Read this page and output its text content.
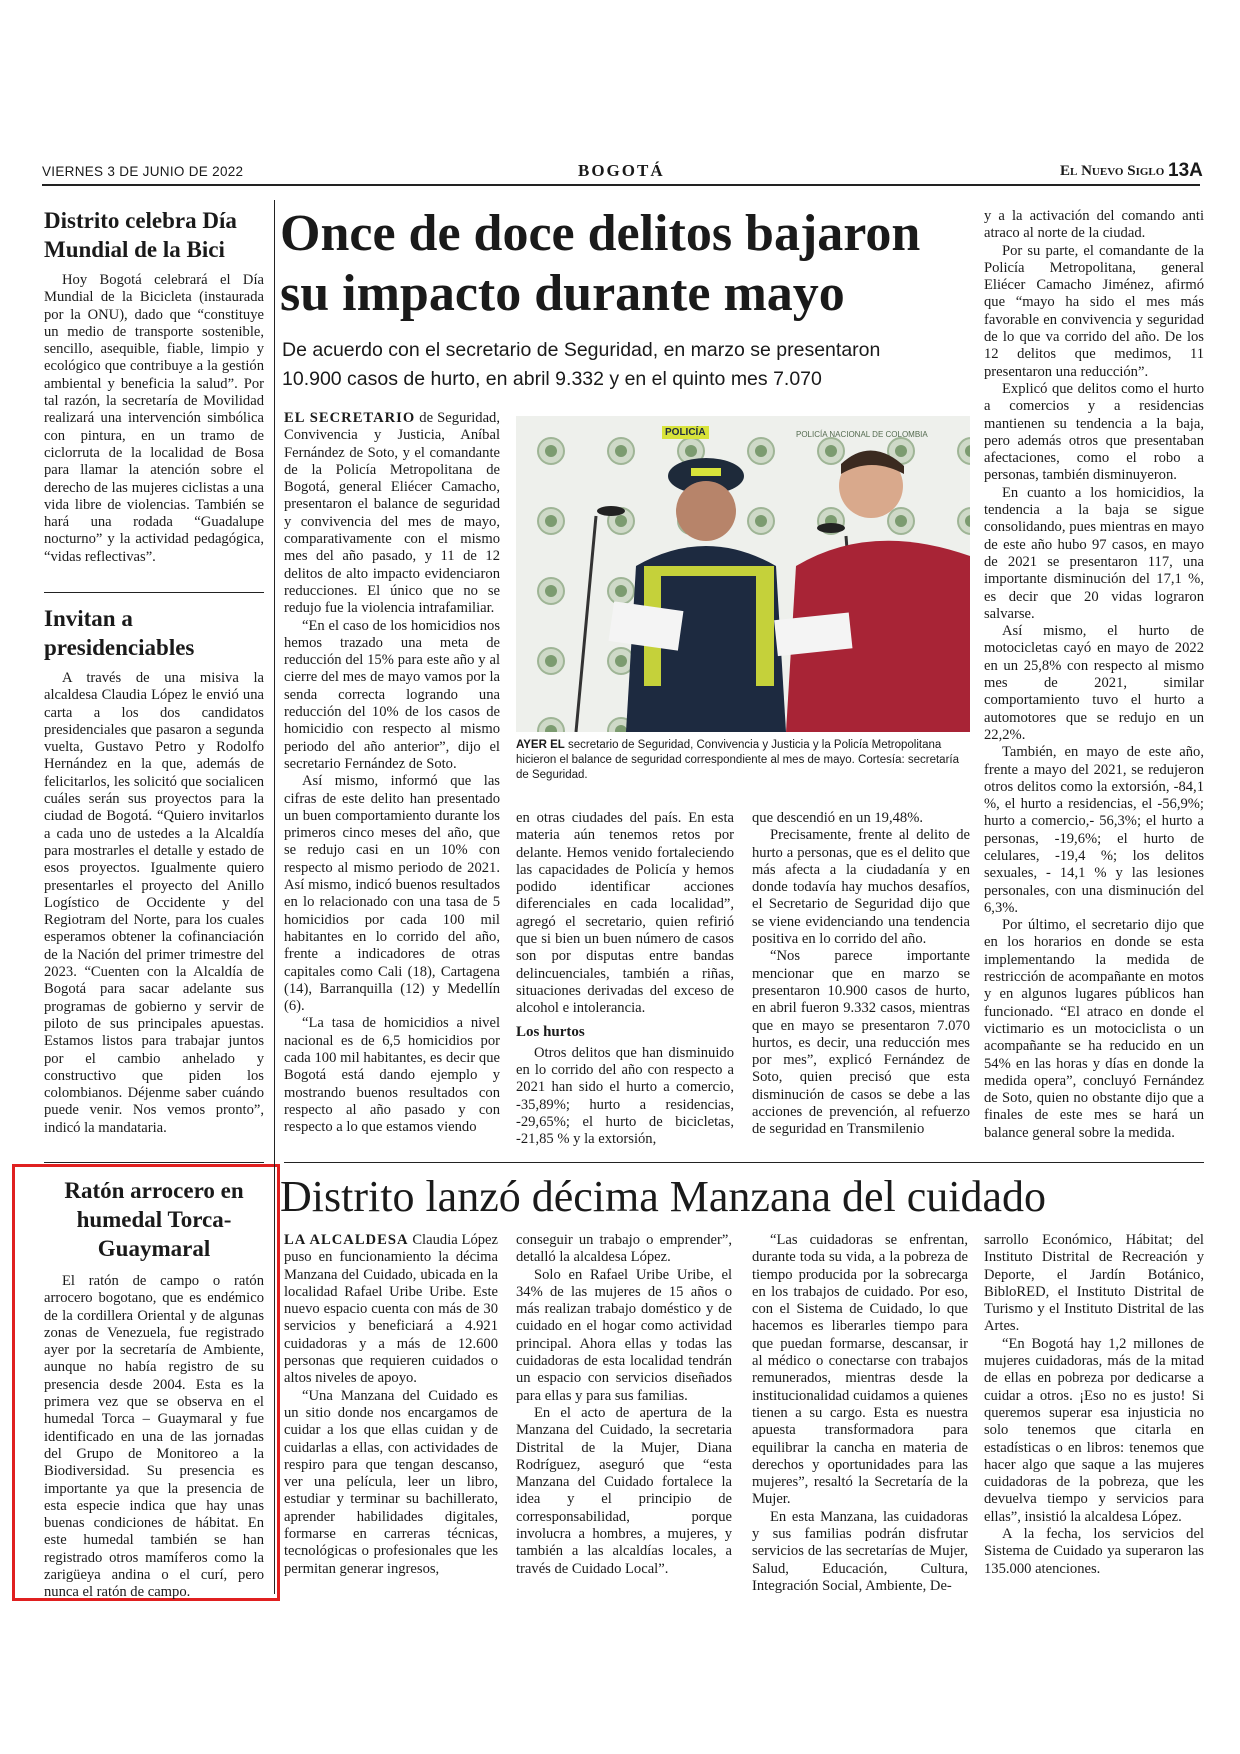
VIERNES 3 DE JUNIO DE 2022	BOGOTÁ	El Nuevo Siglo 13A
Distrito celebra Día Mundial de la Bici

Hoy Bogotá celebrará el Día Mundial de la Bicicleta (instaurada por la ONU), dado que “constituye un medio de transporte sostenible, sencillo, asequible, fiable, limpio y ecológico que contribuye a la gestión ambiental y beneficia la salud”. Por tal razón, la secretaría de Movilidad realizará una intervención simbólica con pintura, en un tramo de ciclorruta de la localidad de Bosa para llamar la atención sobre el derecho de las mujeres ciclistas a una vida libre de violencias. También se hará una rodada “Guadalupe nocturno” y la actividad pedagógica, “vidas reflectivas”.

Invitan a presidenciables

A través de una misiva la alcaldesa Claudia López le envió una carta a los dos candidatos presidenciales que pasaron a segunda vuelta, Gustavo Petro y Rodolfo Hernández en la que, además de felicitarlos, les solicitó que socialicen cuáles serán sus proyectos para la ciudad de Bogotá. “Quiero invitarlos a cada uno de ustedes a la Alcaldía para mostrarles el detalle y estado de esos proyectos. Igualmente quiero presentarles el proyecto del Anillo Logístico de Occidente y del Regiotram del Norte, para los cuales esperamos obtener la cofinanciación de la Nación del primer trimestre del 2023. “Cuenten con la Alcaldía de Bogotá para sacar adelante sus programas de gobierno y servir de piloto de sus principales apuestas. Estamos listos para trabajar juntos por el cambio anhelado y constructivo que piden los colombianos. Déjenme saber cuándo puede venir. Nos vemos pronto”, indicó la mandataria.

Ratón arrocero en humedal Torca-Guaymaral

El ratón de campo o ratón arrocero bogotano, que es endémico de la cordillera Oriental y de algunas zonas de Venezuela, fue registrado ayer por la secretaría de Ambiente, aunque no había registro de su presencia desde 2004. Esta es la primera vez que se observa en el humedal Torca – Guaymaral y fue identificado en una de las jornadas del Grupo de Monitoreo a la Biodiversidad. Su presencia es importante ya que la presencia de esta especie indica que hay unas buenas condiciones de hábitat. En este humedal también se han registrado otros mamíferos como la zarigüeya andina o el curí, pero nunca el ratón de campo.

Once de doce delitos bajaron su impacto durante mayo
De acuerdo con el secretario de Seguridad, en marzo se presentaron 10.900 casos de hurto, en abril 9.332 y en el quinto mes 7.070

EL SECRETARIO de Seguridad, Convivencia y Justicia, Aníbal Fernández de Soto, y el comandante de la Policía Metropolitana de Bogotá, general Eliécer Camacho, presentaron el balance de seguridad y convivencia del mes de mayo, comparativamente con el mismo mes del año pasado, y 11 de 12 delitos de alto impacto evidenciaron reducciones. El único que no se redujo fue la violencia intrafamiliar.

“En el caso de los homicidios nos hemos trazado una meta de reducción del 15% para este año y al cierre del mes de mayo vamos por la senda correcta logrando una reducción del 10% de los casos de homicidio con respecto al mismo periodo del año anterior”, dijo el secretario Fernández de Soto.

Así mismo, informó que las cifras de este delito han presentado un buen comportamiento durante los primeros cinco meses del año, que se redujo casi en un 10% con respecto al mismo periodo de 2021. Así mismo, indicó buenos resultados en lo relacionado con una tasa de 5 homicidios por cada 100 mil habitantes en lo corrido del año, frente a indicadores de otras capitales como Cali (18), Cartagena (14), Barranquilla (12) y Medellín (6).

“La tasa de homicidios a nivel nacional es de 6,5 homicidios por cada 100 mil habitantes, es decir que Bogotá está dando ejemplo y mostrando buenos resultados con respecto al año pasado y con respecto a lo que estamos viendo

POLICÍA	POLICÍA NACIONAL DE COLOMBIA
AYER EL secretario de Seguridad, Convivencia y Justicia y la Policía Metropolitana hicieron el balance de seguridad correspondiente al mes de mayo. Cortesía: secretaría de Seguridad.

en otras ciudades del país. En esta materia aún tenemos retos por delante. Hemos venido fortaleciendo las capacidades de Policía y hemos podido identificar acciones diferenciales en cada localidad”, agregó el secretario, quien refirió que si bien un buen número de casos son por disputas entre bandas delincuenciales, también a riñas, situaciones derivadas del exceso de alcohol e intolerancia.

Los hurtos

Otros delitos que han disminuido en lo corrido del año con respecto a 2021 han sido el hurto a comercio, -35,89%; hurto a residencias, -29,65%; el hurto de bicicletas, -21,85 % y la extorsión,

que descendió en un 19,48%.

Precisamente, frente al delito de hurto a personas, que es el delito que más afecta a la ciudadanía y en donde todavía hay muchos desafíos, el Secretario de Seguridad dijo que se viene evidenciando una tendencia positiva en lo corrido del año.

“Nos parece importante mencionar que en marzo se presentaron 10.900 casos de hurto, en abril fueron 9.332 casos, mientras que en mayo se presentaron 7.070 hurtos, es decir, una reducción mes por mes”, explicó Fernández de Soto, quien precisó que esta disminución de casos se debe a las acciones de prevención, al refuerzo de seguridad en Transmilenio

y a la activación del comando anti atraco al norte de la ciudad.

Por su parte, el comandante de la Policía Metropolitana, general Eliécer Camacho Jiménez, afirmó que “mayo ha sido el mes más favorable en convivencia y seguridad de lo que va corrido del año. De los 12 delitos que medimos, 11 presentaron una reducción”.

Explicó que delitos como el hurto a comercios y a residencias mantienen su tendencia a la baja, pero además otros que presentaban afectaciones, como el robo a personas, también disminuyeron.

En cuanto a los homicidios, la tendencia a la baja se sigue consolidando, pues mientras en mayo de este año hubo 97 casos, en mayo de 2021 se presentaron 117, una importante disminución del 17,1 %, es decir que 20 vidas lograron salvarse.

Así mismo, el hurto de motocicletas cayó en mayo de 2022 en un 25,8% con respecto al mismo mes de 2021, similar comportamiento tuvo el hurto a automotores que se redujo en un 22,2%.

También, en mayo de este año, frente a mayo del 2021, se redujeron otros delitos como la extorsión, -84,1 %, el hurto a residencias, el -56,9%; hurto a comercio,- 56,3%; el hurto a personas, -19,6%; el hurto de celulares, -19,4 %; los delitos sexuales, - 14,1 % y las lesiones personales, con una disminución del 6,3%.

Por último, el secretario dijo que en los horarios en donde se esta implementando la medida de restricción de acompañante en motos y en algunos lugares públicos han funcionado. “El atraco en donde el victimario es un motociclista o un acompañante se ha reducido en un 54% en las horas y días en donde la medida opera”, concluyó Fernández de Soto, quien no obstante dijo que a finales de este mes se hará un balance general sobre la medida.

Distrito lanzó décima Manzana del cuidado

LA ALCALDESA Claudia López puso en funcionamiento la décima Manzana del Cuidado, ubicada en la localidad Rafael Uribe Uribe. Este nuevo espacio cuenta con más de 30 servicios y beneficiará a 4.921 cuidadoras y a más de 12.600 personas que requieren cuidados o altos niveles de apoyo.

“Una Manzana del Cuidado es un sitio donde nos encargamos de cuidar a los que ellas cuidan y de cuidarlas a ellas, con actividades de respiro para que tengan descanso, ver una película, leer un libro, estudiar y terminar su bachillerato, aprender habilidades digitales, formarse en carreras técnicas, tecnológicas o profesionales que les permitan generar ingresos,

conseguir un trabajo o emprender”, detalló la alcaldesa López.

Solo en Rafael Uribe Uribe, el 34% de las mujeres de 15 años o más realizan trabajo doméstico y de cuidado en el hogar como actividad principal. Ahora ellas y todas las cuidadoras de esta localidad tendrán un espacio con servicios diseñados para ellas y para sus familias.

En el acto de apertura de la Manzana del Cuidado, la secretaria Distrital de la Mujer, Diana Rodríguez, aseguró que “esta Manzana del Cuidado fortalece la idea y el principio de corresponsabilidad, porque involucra a hombres, a mujeres, y también a las alcaldías locales, a través de Cuidado Local”.

“Las cuidadoras se enfrentan, durante toda su vida, a la pobreza de tiempo producida por la sobrecarga en los trabajos de cuidado. Por eso, con el Sistema de Cuidado, lo que hacemos es liberarles tiempo para que puedan formarse, descansar, ir al médico o conectarse con trabajos remunerados, mientras desde la institucionalidad cuidamos a quienes tienen a su cargo. Esta es nuestra apuesta transformadora para equilibrar la cancha en materia de derechos y oportunidades para las mujeres”, resaltó la Secretaría de la Mujer.

En esta Manzana, las cuidadoras y sus familias podrán disfrutar servicios de las secretarías de Mujer, Salud, Educación, Cultura, Integración Social, Ambiente, De-

sarrollo Económico, Hábitat; del Instituto Distrital de Recreación y Deporte, el Jardín Botánico, BibloRED, el Instituto Distrital de Turismo y el Instituto Distrital de las Artes.

“En Bogotá hay 1,2 millones de mujeres cuidadoras, más de la mitad de ellas en pobreza por dedicarse a cuidar a otros. ¡Eso no es justo! Si queremos superar esa injusticia no solo tenemos que citarla en estadísticas o en libros: tenemos que hacer algo que saque a las mujeres cuidadoras de la pobreza, que les devuelva tiempo y servicios para ellas”, insistió la alcaldesa López.

A la fecha, los servicios del Sistema de Cuidado ya superaron las 135.000 atenciones.
